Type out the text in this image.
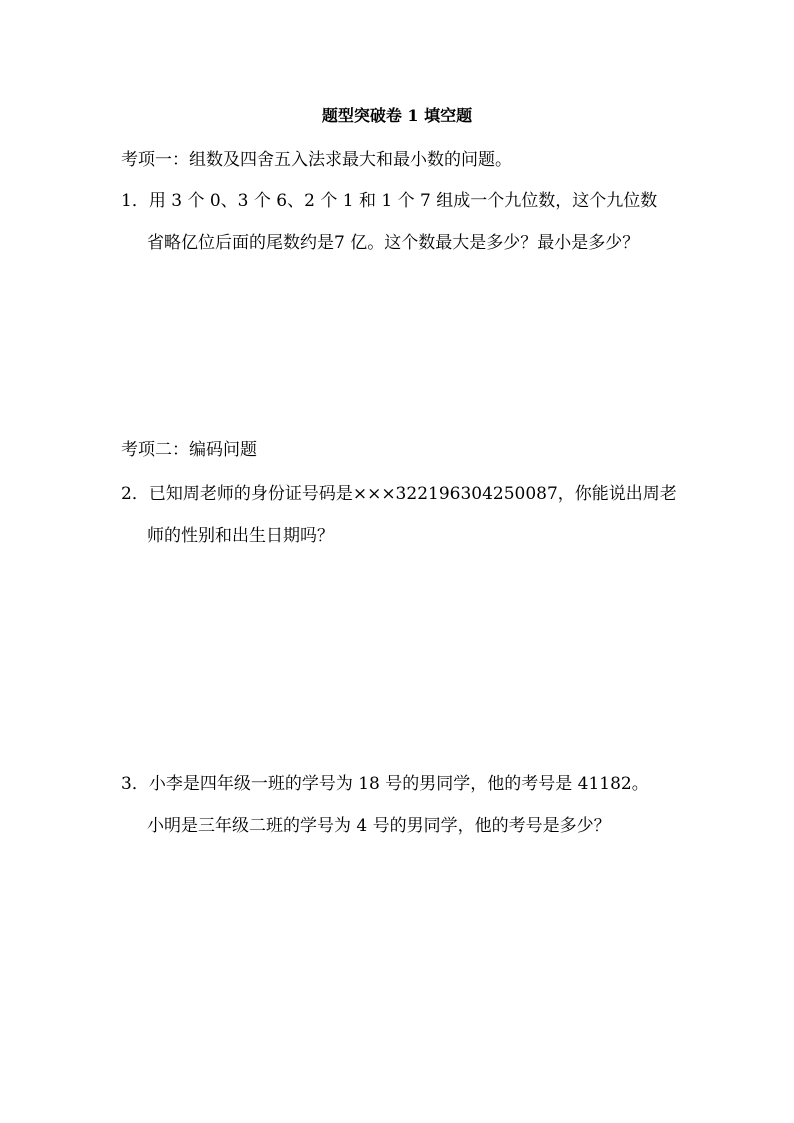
题型突破卷 1 填空题
考项一：组数及四舍五入法求最大和最小数的问题。
1．用 3 个 0、3 个 6、2 个 1 和 1 个 7 组成一个九位数，这个九位数
省略亿位后面的尾数约是7 亿。这个数最大是多少？最小是多少？
考项二：编码问题
2．已知周老师的身份证号码是×××322196304250087，你能说出周老
师的性别和出生日期吗？
3．小李是四年级一班的学号为 18 号的男同学，他的考号是 41182。
小明是三年级二班的学号为 4 号的男同学，他的考号是多少？
